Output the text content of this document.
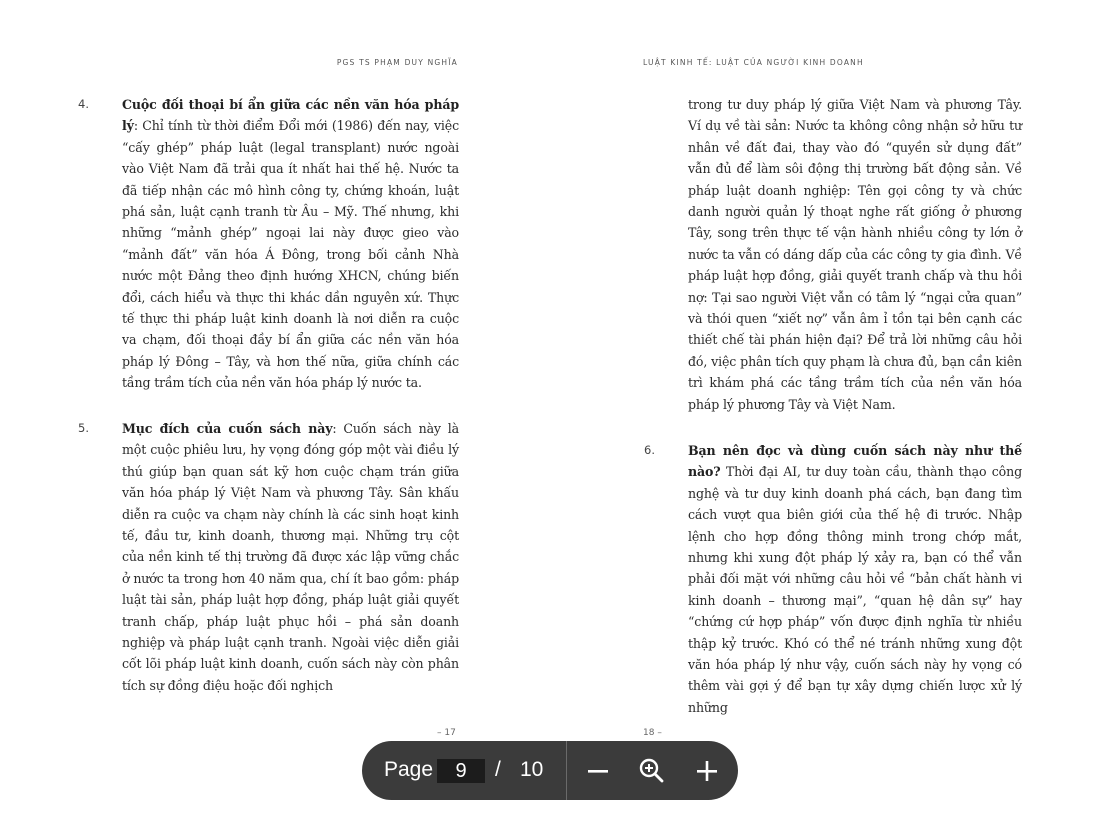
PGS TS PHẠM DUY NGHĨA
4.	Cuộc đối thoại bí ẩn giữa các nền văn hóa pháp lý: Chỉ tính từ thời điểm Đổi mới (1986) đến nay, việc “cấy ghép” pháp luật (legal transplant) nước ngoài vào Việt Nam đã trải qua ít nhất hai thế hệ. Nước ta đã tiếp nhận các mô hình công ty, chứng khoán, luật phá sản, luật cạnh tranh từ Âu – Mỹ. Thế nhưng, khi những “mảnh ghép” ngoại lai này được gieo vào “mảnh đất” văn hóa Á Đông, trong bối cảnh Nhà nước một Đảng theo định hướng XHCN, chúng biến đổi, cách hiểu và thực thi khác dần nguyên xứ. Thực tế thực thi pháp luật kinh doanh là nơi diễn ra cuộc va chạm, đối thoại đầy bí ẩn giữa các nền văn hóa pháp lý Đông – Tây, và hơn thế nữa, giữa chính các tầng trầm tích của nền văn hóa pháp lý nước ta.
5.	Mục đích của cuốn sách này: Cuốn sách này là một cuộc phiêu lưu, hy vọng đóng góp một vài điều lý thú giúp bạn quan sát kỹ hơn cuộc chạm trán giữa văn hóa pháp lý Việt Nam và phương Tây. Sân khấu diễn ra cuộc va chạm này chính là các sinh hoạt kinh tế, đầu tư, kinh doanh, thương mại. Những trụ cột của nền kinh tế thị trường đã được xác lập vững chắc ở nước ta trong hơn 40 năm qua, chí ít bao gồm: pháp luật tài sản, pháp luật hợp đồng, pháp luật giải quyết tranh chấp, pháp luật phục hồi – phá sản doanh nghiệp và pháp luật cạnh tranh. Ngoài việc diễn giải cốt lõi pháp luật kinh doanh, cuốn sách này còn phân tích sự đồng điệu hoặc đối nghịch
LUẬT KINH TẾ: LUẬT CỦA NGƯỜI KINH DOANH
trong tư duy pháp lý giữa Việt Nam và phương Tây. Ví dụ về tài sản: Nước ta không công nhận sở hữu tư nhân về đất đai, thay vào đó “quyền sử dụng đất” vẫn đủ để làm sôi động thị trường bất động sản. Về pháp luật doanh nghiệp: Tên gọi công ty và chức danh người quản lý thoạt nghe rất giống ở phương Tây, song trên thực tế vận hành nhiều công ty lớn ở nước ta vẫn có dáng dấp của các công ty gia đình. Về pháp luật hợp đồng, giải quyết tranh chấp và thu hồi nợ: Tại sao người Việt vẫn có tâm lý “ngại cửa quan” và thói quen “xiết nợ” vẫn âm ỉ tồn tại bên cạnh các thiết chế tài phán hiện đại? Để trả lời những câu hỏi đó, việc phân tích quy phạm là chưa đủ, bạn cần kiên trì khám phá các tầng trầm tích của nền văn hóa pháp lý phương Tây và Việt Nam.
6.	Bạn nên đọc và dùng cuốn sách này như thế nào? Thời đại AI, tư duy toàn cầu, thành thạo công nghệ và tư duy kinh doanh phá cách, bạn đang tìm cách vượt qua biên giới của thế hệ đi trước. Nhập lệnh cho hợp đồng thông minh trong chớp mắt, nhưng khi xung đột pháp lý xảy ra, bạn có thể vẫn phải đối mặt với những câu hỏi về “bản chất hành vi kinh doanh – thương mại”, “quan hệ dân sự” hay “chứng cứ hợp pháp” vốn được định nghĩa từ nhiều thập kỷ trước. Khó có thể né tránh những xung đột văn hóa pháp lý như vậy, cuốn sách này hy vọng có thêm vài gợi ý để bạn tự xây dựng chiến lược xử lý những
– 17	18 –
Page
9	/ 10
